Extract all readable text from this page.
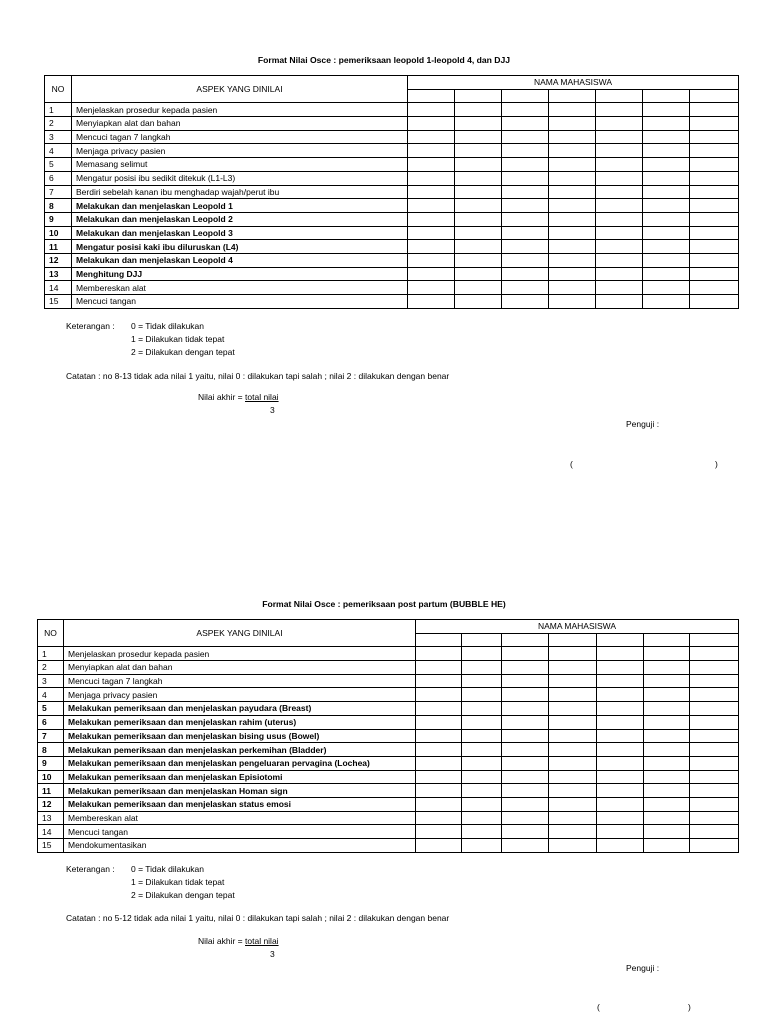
Format Nilai Osce : pemeriksaan leopold 1-leopold 4, dan DJJ
NO	ASPEK YANG DINILAI	NAMA MAHASISWA						

1	Menjelaskan prosedur kepada pasien							
2	Menyiapkan alat dan bahan							
3	Mencuci tagan 7 langkah							
4	Menjaga privacy pasien							
5	Memasang selimut							
6	Mengatur posisi ibu sedikit ditekuk (L1-L3)							
7	Berdiri sebelah kanan ibu menghadap wajah/perut ibu							
8	Melakukan dan menjelaskan Leopold 1							
9	Melakukan dan menjelaskan Leopold 2							
10	Melakukan dan menjelaskan Leopold 3							
11	Mengatur posisi kaki ibu diluruskan (L4)							
12	Melakukan dan menjelaskan Leopold 4							
13	Menghitung DJJ							
14	Membereskan alat							
15	Mencuci tangan							
Keterangan : 0 = Tidak dilakukan
1 = Dilakukan tidak tepat
2 = Dilakukan dengan tepat
Catatan : no 8-13 tidak ada nilai 1 yaitu, nilai 0 : dilakukan tapi salah ; nilai 2 : dilakukan dengan benar
Nilai akhir = total nilai
3
Penguji :
(	)
Format Nilai Osce : pemeriksaan post partum (BUBBLE HE)
NO	ASPEK YANG DINILAI	NAMA MAHASISWA						

1	Menjelaskan prosedur kepada pasien							
2	Menyiapkan alat dan bahan							
3	Mencuci tagan 7 langkah							
4	Menjaga privacy pasien							
5	Melakukan pemeriksaan dan menjelaskan payudara (Breast)							
6	Melakukan pemeriksaan dan menjelaskan rahim (uterus)							
7	Melakukan pemeriksaan dan menjelaskan bising usus (Bowel)							
8	Melakukan pemeriksaan dan menjelaskan perkemihan (Bladder)							
9	Melakukan pemeriksaan dan menjelaskan pengeluaran pervagina (Lochea)							
10	Melakukan pemeriksaan dan menjelaskan Episiotomi							
11	Melakukan pemeriksaan dan menjelaskan Homan sign							
12	Melakukan pemeriksaan dan menjelaskan status emosi							
13	Membereskan alat							
14	Mencuci tangan							
15	Mendokumentasikan							
Keterangan : 0 = Tidak dilakukan
1 = Dilakukan tidak tepat
2 = Dilakukan dengan tepat
Catatan : no 5-12 tidak ada nilai 1 yaitu, nilai 0 : dilakukan tapi salah ; nilai 2 : dilakukan dengan benar
Nilai akhir = total nilai
3
Penguji :
(	)
